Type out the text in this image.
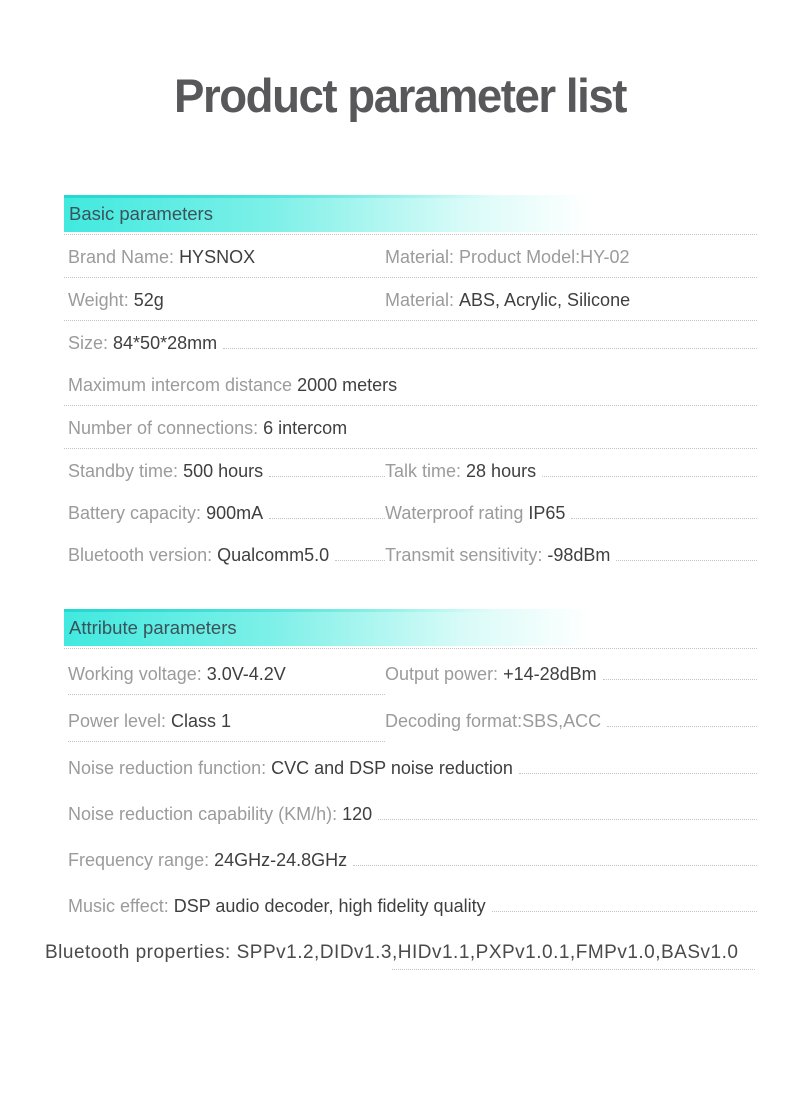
Product parameter list
Basic parameters
Brand Name: HYSNOX	Material: Product Model:HY-02
Weight: 52g	Material: ABS, Acrylic, Silicone
Size: 84*50*28mm
Maximum intercom distance 2000 meters
Number of connections: 6 intercom
Standby time: 500 hours	Talk time: 28 hours
Battery capacity: 900mA	Waterproof rating IP65
Bluetooth version: Qualcomm5.0	Transmit sensitivity: -98dBm
Attribute parameters
Working voltage: 3.0V-4.2V	Output power: +14-28dBm
Power level: Class 1	Decoding format:SBS,ACC
Noise reduction function: CVC and DSP noise reduction
Noise reduction capability (KM/h): 120
Frequency range: 24GHz-24.8GHz
Music effect: DSP audio decoder, high fidelity quality
Bluetooth properties: SPPv1.2,DIDv1.3,HIDv1.1,PXPv1.0.1,FMPv1.0,BASv1.0
